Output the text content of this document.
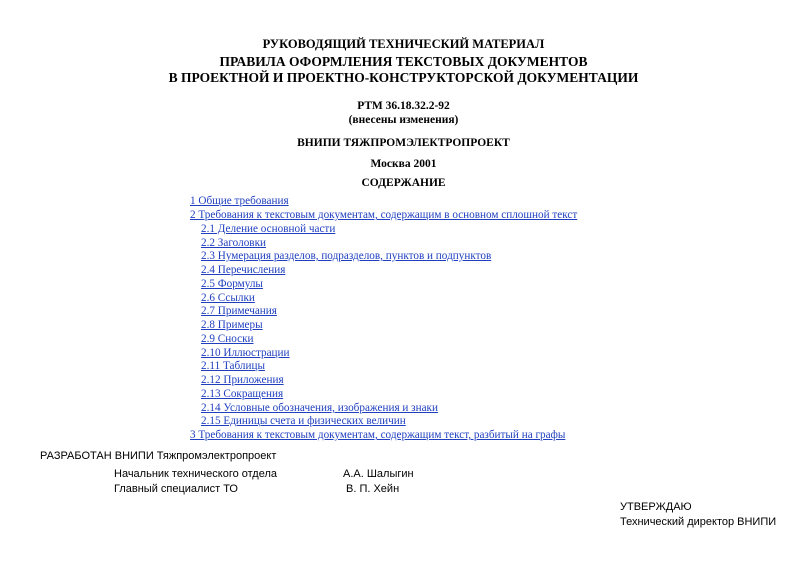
РУКОВОДЯЩИЙ ТЕХНИЧЕСКИЙ МАТЕРИАЛ
ПРАВИЛА ОФОРМЛЕНИЯ ТЕКСТОВЫХ ДОКУМЕНТОВ
В ПРОЕКТНОЙ И ПРОЕКТНО-КОНСТРУКТОРСКОЙ ДОКУМЕНТАЦИИ
РТМ 36.18.32.2-92
(внесены изменения)
ВНИПИ ТЯЖПРОМЭЛЕКТРОПРОЕКТ
Москва 2001
СОДЕРЖАНИЕ
1 Общие требования
2 Требования к текстовым документам, содержащим в основном сплошной текст
2.1 Деление основной части
2.2 Заголовки
2.3 Нумерация разделов, подразделов, пунктов и подпунктов
2.4 Перечисления
2.5 Формулы
2.6 Ссылки
2.7 Примечания
2.8 Примеры
2.9 Сноски
2.10 Иллюстрации
2.11 Таблицы
2.12 Приложения
2.13 Сокращения
2.14 Условные обозначения, изображения и знаки
2.15 Единицы счета и физических величин
3 Требования к текстовым документам, содержащим текст, разбитый на графы
РАЗРАБОТАН ВНИПИ Тяжпромэлектропроект
Начальник технического отдела	А.А. Шалыгин
Главный специалист ТО	В. П. Хейн
УТВЕРЖДАЮ
Технический директор ВНИПИ
